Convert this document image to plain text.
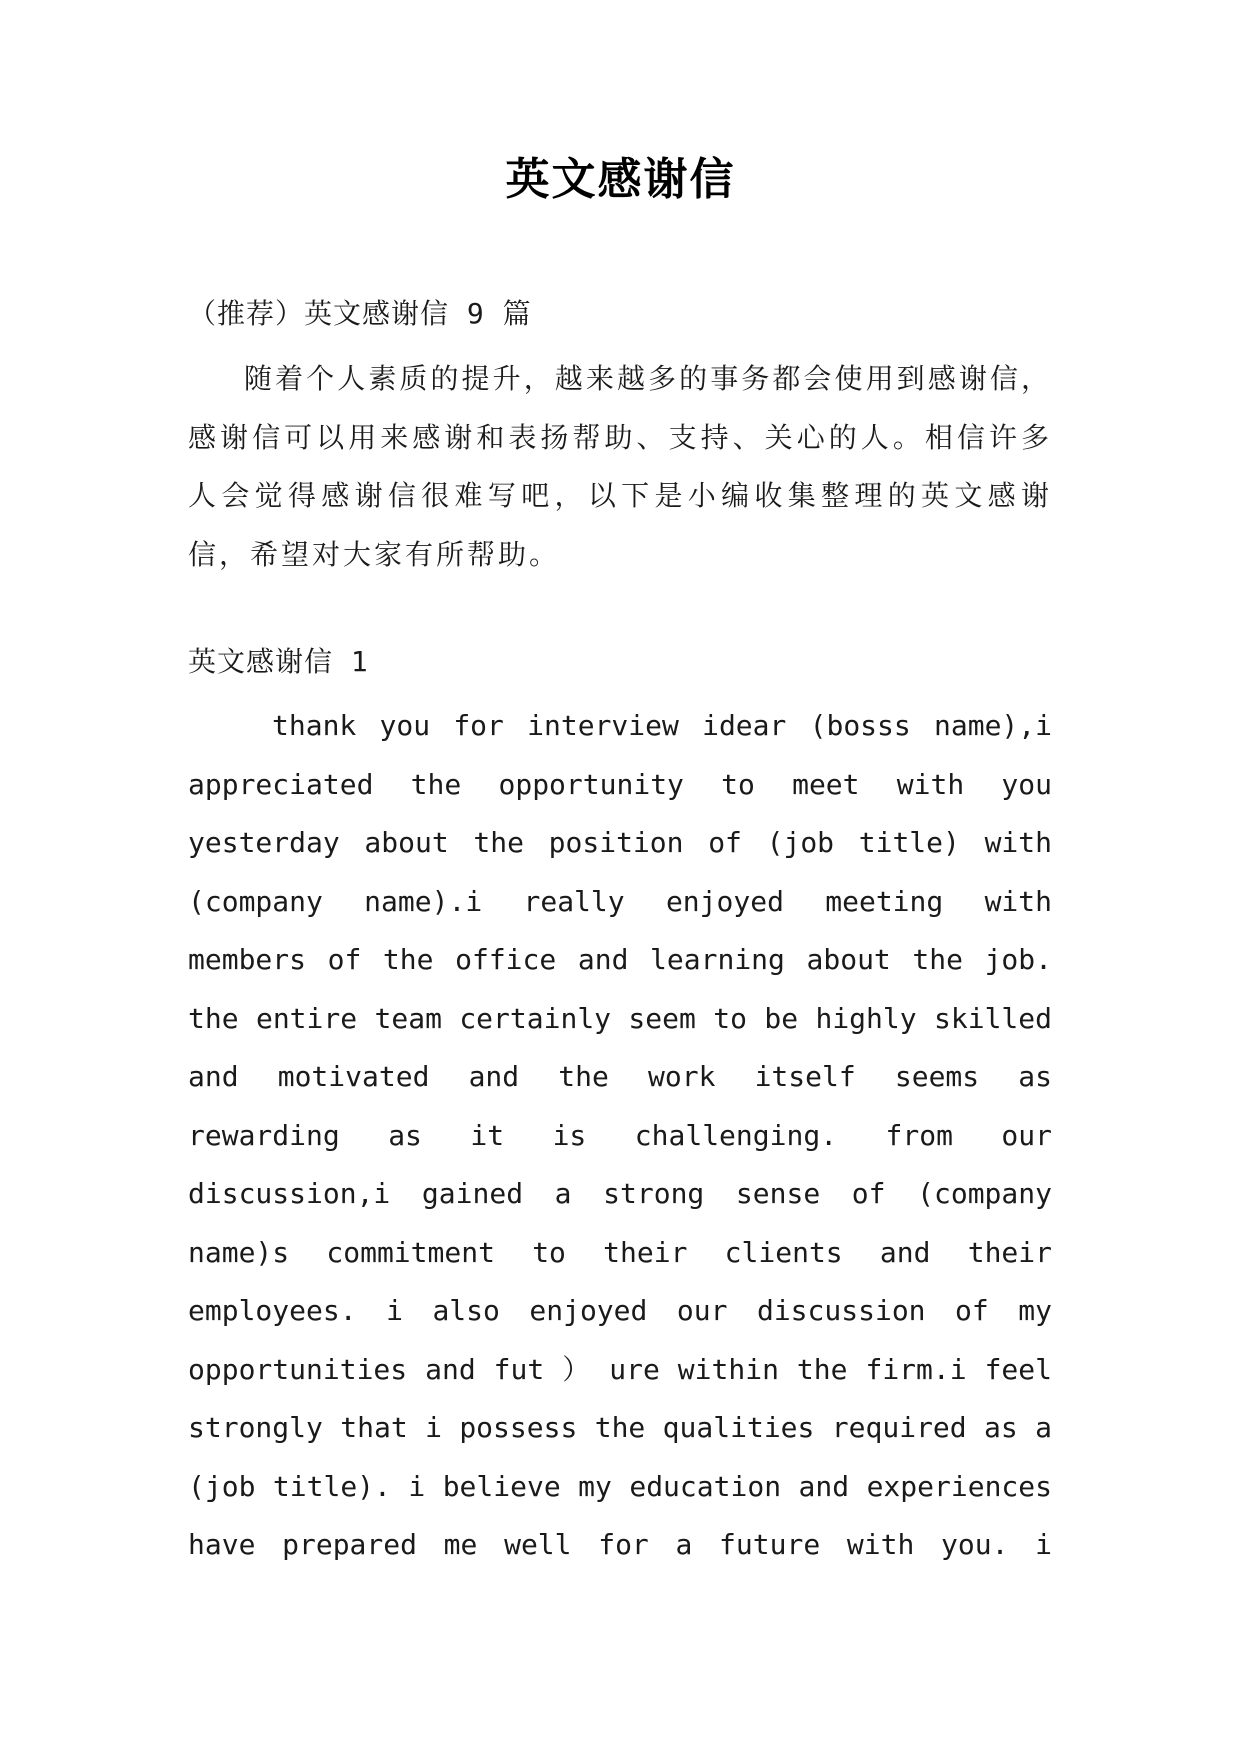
英文感谢信
（推荐）英文感谢信 9 篇
随着个人素质的提升，越来越多的事务都会使用到感谢信，感谢信可以用来感谢和表扬帮助、支持、关心的人。相信许多人会觉得感谢信很难写吧，以下是小编收集整理的英文感谢信，希望对大家有所帮助。
英文感谢信 1
thank you for interview idear (bosss name),i appreciated the opportunity to meet with you yesterday about the position of (job title) with (company name).i really enjoyed meeting with members of the office and learning about the job. the entire team certainly seem to be highly skilled and motivated and the work itself seems as rewarding as it is challenging. from our discussion,i gained a strong sense of (company name)s commitment to their clients and their employees. i also enjoyed our discussion of my opportunities and fut ） ure within the firm.i feel strongly that i possess the qualities required as a (job title). i believe my education and experiences have prepared me well for a future with you. i
